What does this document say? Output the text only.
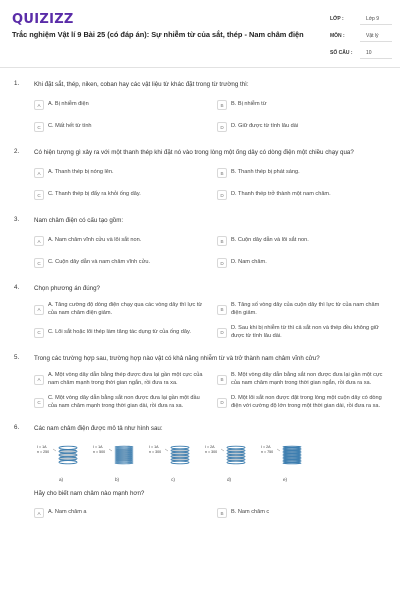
QUIZIZZ
Trắc nghiệm Vật lí 9 Bài 25 (có đáp án): Sự nhiễm từ của sắt, thép - Nam châm điện
LỚP :	Lớp 9
MÔN :	Vật lý
SỐ CÂU :	10
1. Khi đặt sắt, thép, niken, coban hay các vật liệu từ khác đặt trong từ trường thì:
A	A. Bị nhiễm điện	B	B. Bị nhiễm từ
C	C. Mất hết từ tính	D	D. Giữ được từ tính lâu dài
2. Có hiện tượng gì xảy ra với một thanh thép khi đặt nó vào trong lòng một ống dây có dòng điện một chiều chạy qua?
A	A. Thanh thép bị nóng lên.	B	B. Thanh thép bị phát sáng.
C	C. Thanh thép bị đẩy ra khỏi ống dây.	D	D. Thanh thép trở thành một nam châm.
3. Nam châm điện có cấu tạo gồm:
A	A. Nam châm vĩnh cửu và lõi sắt non.	B	B. Cuộn dây dẫn và lõi sắt non.
C	C. Cuộn dây dẫn và nam châm vĩnh cửu.	D	D. Nam châm.
4. Chọn phương án đúng?
A
A. Tăng cường độ dòng điện chạy qua các vòng dây thì lực từ của nam châm điện giảm.	B
B. Tăng số vòng dây của cuộn dây thì lực từ của nam châm điện giảm.
C	C. Lõi sắt hoặc lõi thép làm tăng tác dụng từ của ống dây.	D
D. Sau khi bị nhiễm từ thì cả sắt non và thép đều không giữ được từ tính lâu dài.
5. Trong các trường hợp sau, trường hợp nào vật có khả năng nhiễm từ và trở thành nam châm vĩnh cửu?
A
A. Một vòng dây dẫn bằng thép được đưa lại gần một cực của nam châm mạnh trong thời gian ngắn, rồi đưa ra xa.	B
B. Một vòng dây dẫn bằng sắt non được đưa lại gần một cực của nam châm mạnh trong thời gian ngắn, rồi đưa ra xa.
C
C. Một vòng dây dẫn bằng sắt non được đưa lại gần một đầu của nam châm mạnh trong thời gian dài, rồi đưa ra xa.	D
D. Một lõi sắt non được đặt trong lòng một cuộn dây có dòng điện với cường độ lớn trong một thời gian dài, rồi đưa ra xa.
6. Các nam châm điện được mô tả như hình sau:
I = 1A
n = 250
a)
I = 1A
n = 500
b)
I = 1A
n = 300
c)
I = 2A
n = 300
d)
I = 2A
n = 750
e)
Hãy cho biết nam châm nào mạnh hơn?
A	A. Nam châm a	B	B. Nam châm c
